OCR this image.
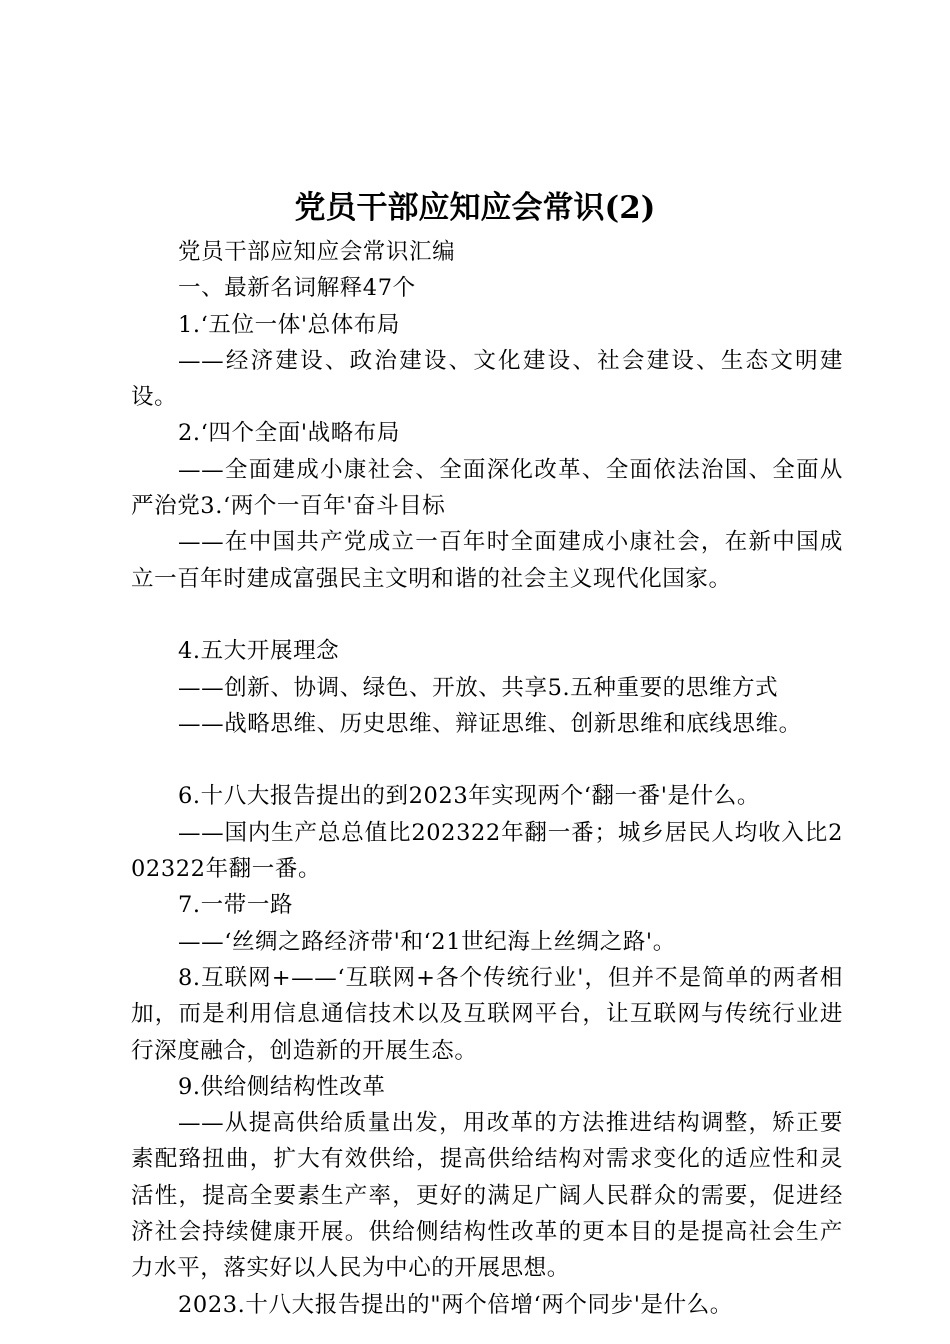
党员干部应知应会常识(2)

党员干部应知应会常识汇编

一、最新名词解释47个

1.‘五位一体'总体布局

——经济建设、政治建设、文化建设、社会建设、生态文明建设。

2.‘四个全面'战略布局

——全面建成小康社会、全面深化改革、全面依法治国、全面从严治党3.‘两个一百年'奋斗目标

——在中国共产党成立一百年时全面建成小康社会，在新中国成立一百年时建成富强民主文明和谐的社会主义现代化国家。

4.五大开展理念

——创新、协调、绿色、开放、共享5.五种重要的思维方式

——战略思维、历史思维、辩证思维、创新思维和底线思维。

6.十八大报告提出的到2023年实现两个‘翻一番'是什么。

——国内生产总总值比202322年翻一番；城乡居民人均收入比202322年翻一番。

7.一带一路

——‘丝绸之路经济带'和‘21世纪海上丝绸之路'。

8.互联网+——‘互联网+各个传统行业'，但并不是简单的两者相加，而是利用信息通信技术以及互联网平台，让互联网与传统行业进行深度融合，创造新的开展生态。

9.供给侧结构性改革

——从提高供给质量出发，用改革的方法推进结构调整，矫正要素配臵扭曲，扩大有效供给，提高供给结构对需求变化的适应性和灵活性，提高全要素生产率，更好的满足广阔人民群众的需要，促进经济社会持续健康开展。供给侧结构性改革的更本目的是提高社会生产力水平，落实好以人民为中心的开展思想。

2023.十八大报告提出的"两个倍增‘两个同步'是什么。
